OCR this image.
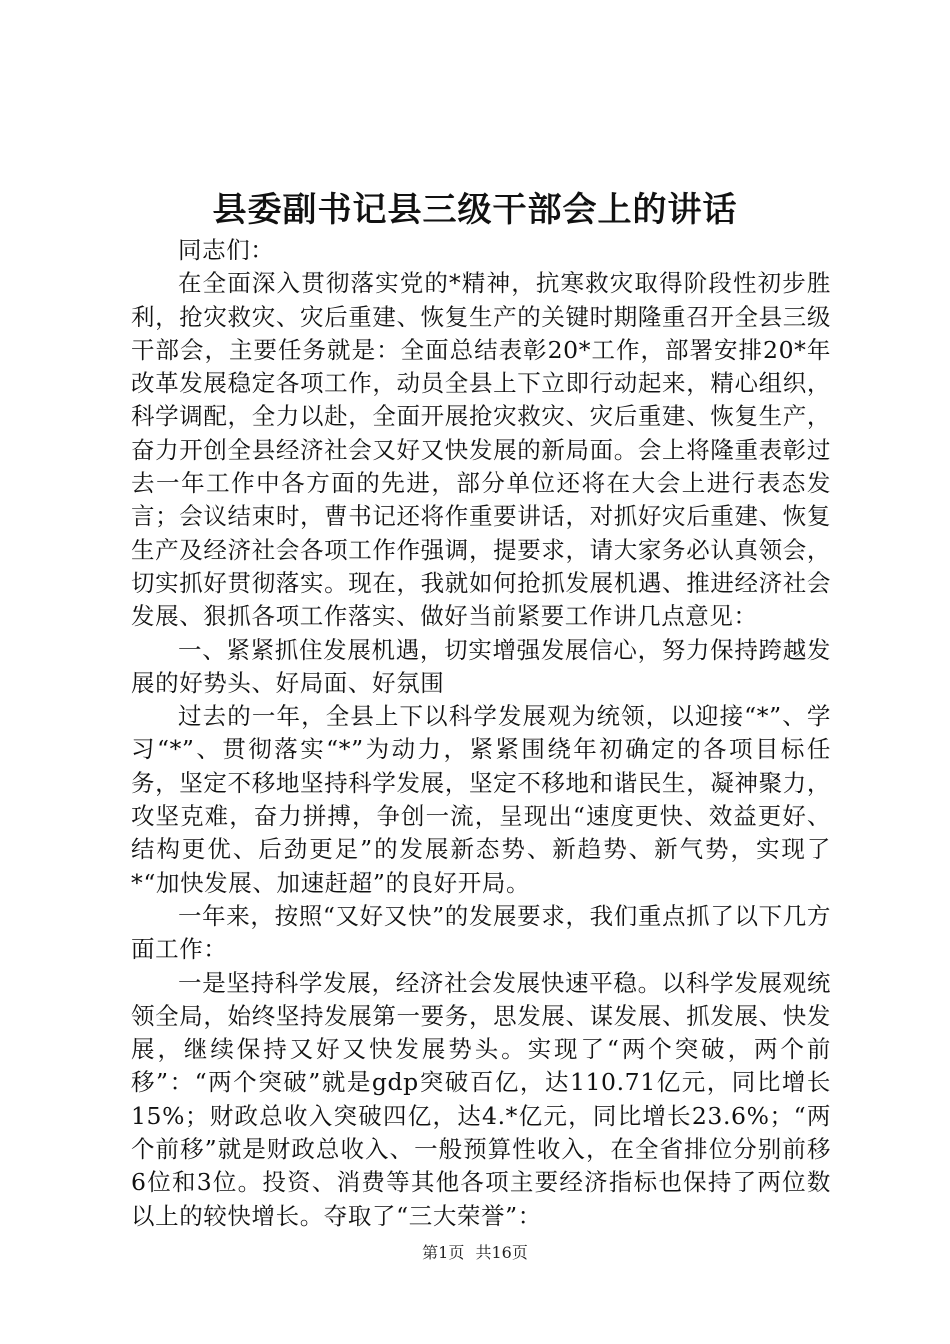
县委副书记县三级干部会上的讲话

同志们：

在全面深入贯彻落实党的*精神，抗寒救灾取得阶段性初步胜利，抢灾救灾、灾后重建、恢复生产的关键时期隆重召开全县三级干部会，主要任务就是：全面总结表彰20*工作，部署安排20*年改革发展稳定各项工作，动员全县上下立即行动起来，精心组织，科学调配，全力以赴，全面开展抢灾救灾、灾后重建、恢复生产，奋力开创全县经济社会又好又快发展的新局面。会上将隆重表彰过去一年工作中各方面的先进，部分单位还将在大会上进行表态发言；会议结束时，曹书记还将作重要讲话，对抓好灾后重建、恢复生产及经济社会各项工作作强调，提要求，请大家务必认真领会，切实抓好贯彻落实。现在，我就如何抢抓发展机遇、推进经济社会发展、狠抓各项工作落实、做好当前紧要工作讲几点意见：

一、紧紧抓住发展机遇，切实增强发展信心，努力保持跨越发展的好势头、好局面、好氛围

过去的一年，全县上下以科学发展观为统领，以迎接“*”、学习“*”、贯彻落实“*”为动力，紧紧围绕年初确定的各项目标任务，坚定不移地坚持科学发展，坚定不移地和谐民生，凝神聚力，攻坚克难，奋力拼搏，争创一流，呈现出“速度更快、效益更好、结构更优、后劲更足”的发展新态势、新趋势、新气势，实现了*“加快发展、加速赶超”的良好开局。

一年来，按照“又好又快”的发展要求，我们重点抓了以下几方面工作：

一是坚持科学发展，经济社会发展快速平稳。以科学发展观统领全局，始终坚持发展第一要务，思发展、谋发展、抓发展、快发展，继续保持又好又快发展势头。实现了“两个突破，两个前移”：“两个突破”就是gdp突破百亿，达110.71亿元，同比增长15%；财政总收入突破四亿，达4.*亿元，同比增长23.6%；“两个前移”就是财政总收入、一般预算性收入，在全省排位分别前移6位和3位。投资、消费等其他各项主要经济指标也保持了两位数以上的较快增长。夺取了“三大荣誉”：

第1页 共16页
